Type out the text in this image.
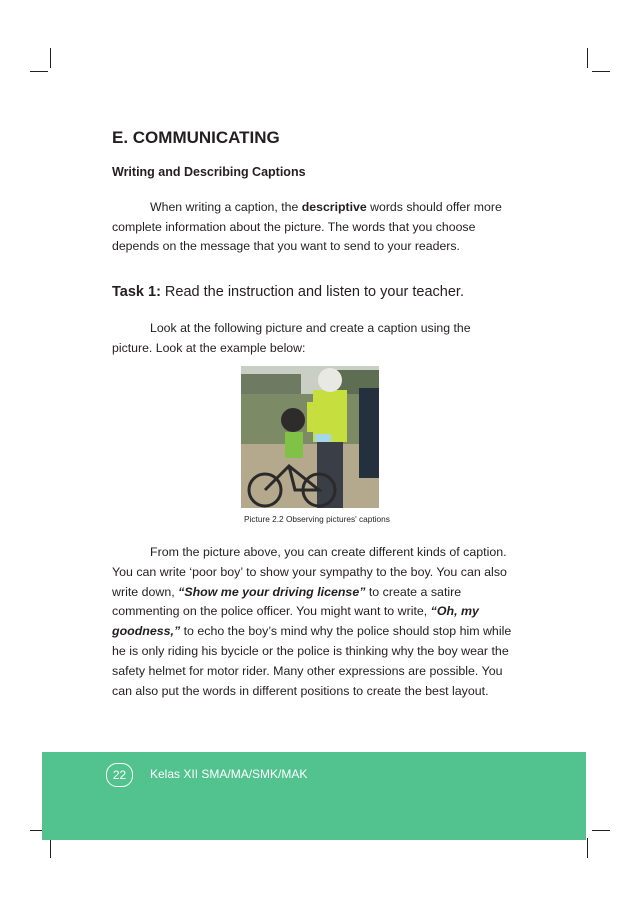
E. COMMUNICATING
Writing and Describing Captions

When writing a caption, the descriptive words should offer more complete information about the picture. The words that you choose depends on the message that you want to send to your readers.

Task 1: Read the instruction and listen to your teacher.

Look at the following picture and create a caption using the picture. Look at the example below:

Picture 2.2 Observing pictures' captions

From the picture above, you can create different kinds of caption. You can write ‘poor boy’ to show your sympathy to the boy. You can also write down, “Show me your driving license” to create a satire commenting on the police officer. You might want to write, “Oh, my goodness,” to echo the boy’s mind why the police should stop him while he is only riding his bycicle or the police is thinking why the boy wear the safety helmet for motor rider. Many other expressions are possible. You can also put the words in different positions to create the best layout.

22	Kelas XII SMA/MA/SMK/MAK
